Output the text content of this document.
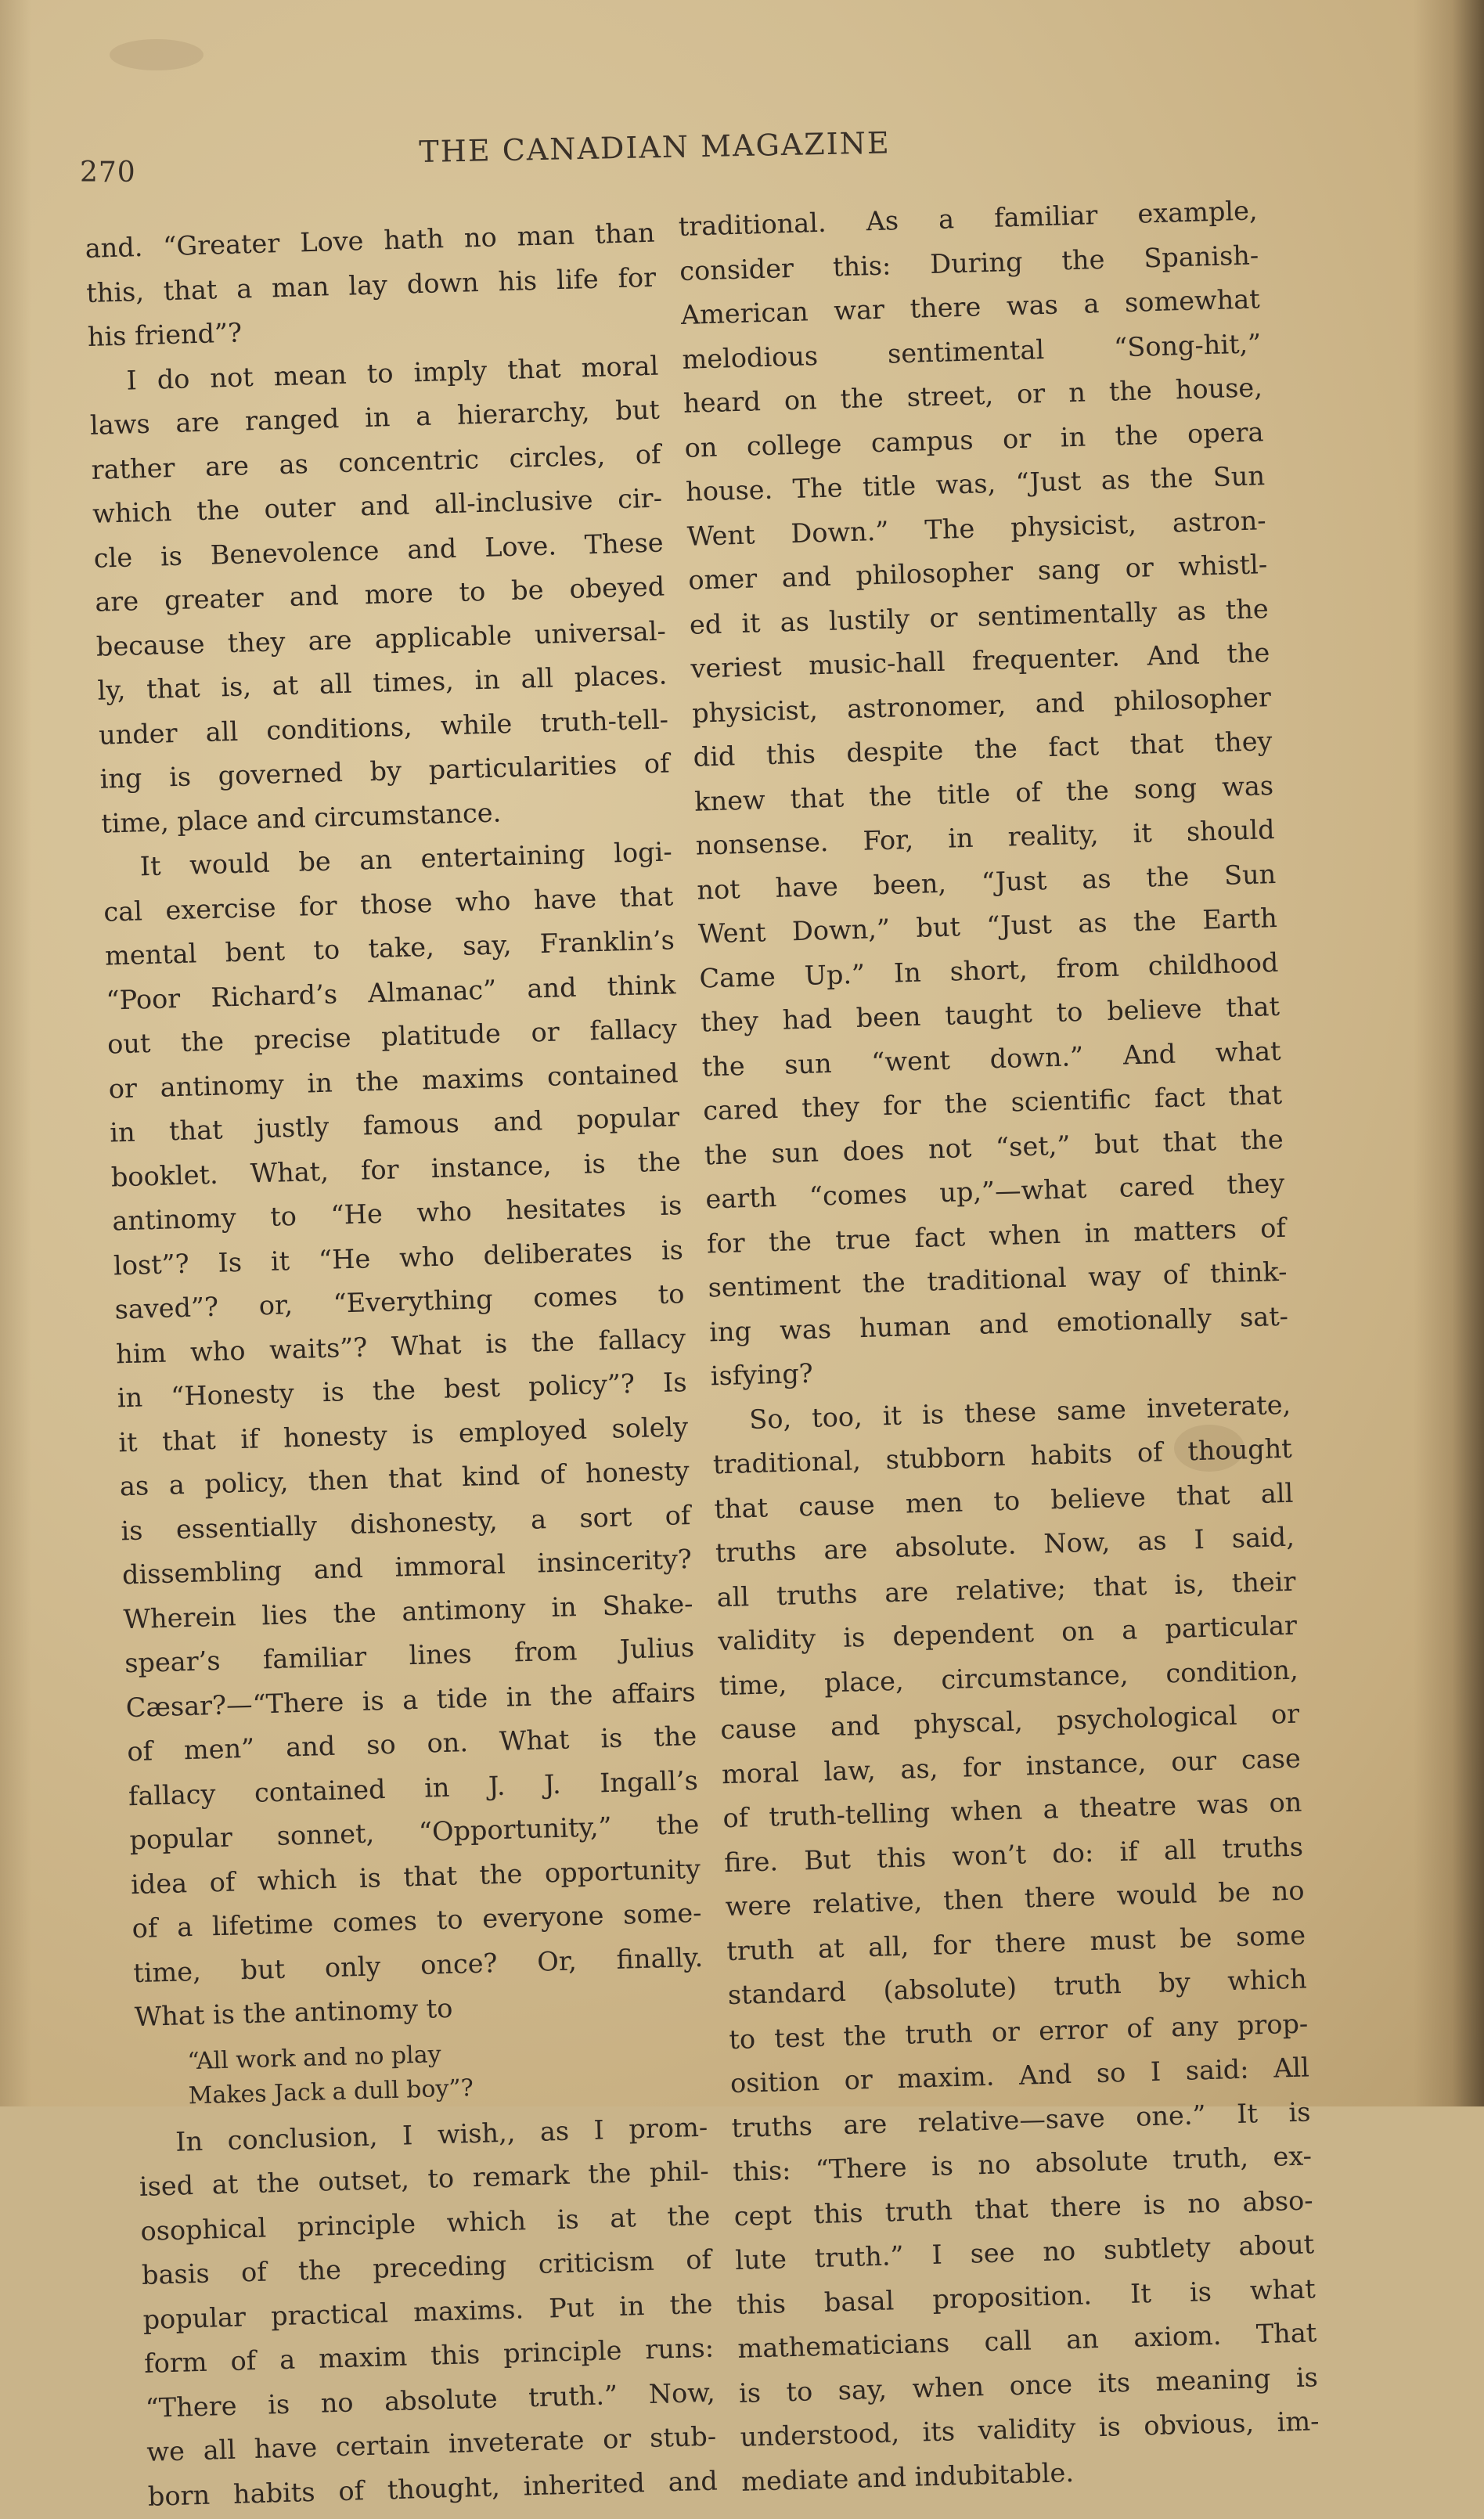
270
THE CANADIAN MAGAZINE
and. “Greater Love hath no man than
this, that a man lay down his life for
his friend”?
I do not mean to imply that moral
laws are ranged in a hierarchy, but
rather are as concentric circles, of
which the outer and all-inclusive cir-
cle is Benevolence and Love. These
are greater and more to be obeyed
because they are applicable universal-
ly, that is, at all times, in all places.
under all conditions, while truth-tell-
ing is governed by particularities of
time, place and circumstance.
It would be an entertaining logi-
cal exercise for those who have that
mental bent to take, say, Franklin’s
“Poor Richard’s Almanac” and think
out the precise platitude or fallacy
or antinomy in the maxims contained
in that justly famous and popular
booklet. What, for instance, is the
antinomy to “He who hesitates is
lost”? Is it “He who deliberates is
saved”? or, “Everything comes to
him who waits”? What is the fallacy
in “Honesty is the best policy”? Is
it that if honesty is employed solely
as a policy, then that kind of honesty
is essentially dishonesty, a sort of
dissembling and immoral insincerity?
Wherein lies the antimony in Shake-
spear’s familiar lines from Julius
Cæsar?—“There is a tide in the affairs
of men” and so on. What is the
fallacy contained in J. J. Ingall’s
popular sonnet, “Opportunity,” the
idea of which is that the opportunity
of a lifetime comes to everyone some-
time, but only once? Or, finally.
What is the antinomy to
“All work and no play
Makes Jack a dull boy”?
In conclusion, I wish,, as I prom-
ised at the outset, to remark the phil-
osophical principle which is at the
basis of the preceding criticism of
popular practical maxims. Put in the
form of a maxim this principle runs:
“There is no absolute truth.” Now,
we all have certain inveterate or stub-
born habits of thought, inherited and
traditional. As a familiar example,
consider this: During the Spanish-
American war there was a somewhat
melodious sentimental “Song-hit,”
heard on the street, or n the house,
on college campus or in the opera
house. The title was, “Just as the Sun
Went Down.” The physicist, astron-
omer and philosopher sang or whistl-
ed it as lustily or sentimentally as the
veriest music-hall frequenter. And the
physicist, astronomer, and philosopher
did this despite the fact that they
knew that the title of the song was
nonsense. For, in reality, it should
not have been, “Just as the Sun
Went Down,” but “Just as the Earth
Came Up.” In short, from childhood
they had been taught to believe that
the sun “went down.” And what
cared they for the scientific fact that
the sun does not “set,” but that the
earth “comes up,”—what cared they
for the true fact when in matters of
sentiment the traditional way of think-
ing was human and emotionally sat-
isfying?
So, too, it is these same inveterate,
traditional, stubborn habits of thought
that cause men to believe that all
truths are absolute. Now, as I said,
all truths are relative; that is, their
validity is dependent on a particular
time, place, circumstance, condition,
cause and physcal, psychological or
moral law, as, for instance, our case
of truth-telling when a theatre was on
fire. But this won’t do: if all truths
were relative, then there would be no
truth at all, for there must be some
standard (absolute) truth by which
to test the truth or error of any prop-
osition or maxim. And so I said: All
truths are relative—save one.” It is
this: “There is no absolute truth, ex-
cept this truth that there is no abso-
lute truth.” I see no subtlety about
this basal proposition. It is what
mathematicians call an axiom. That
is to say, when once its meaning is
understood, its validity is obvious, im-
mediate and indubitable.
